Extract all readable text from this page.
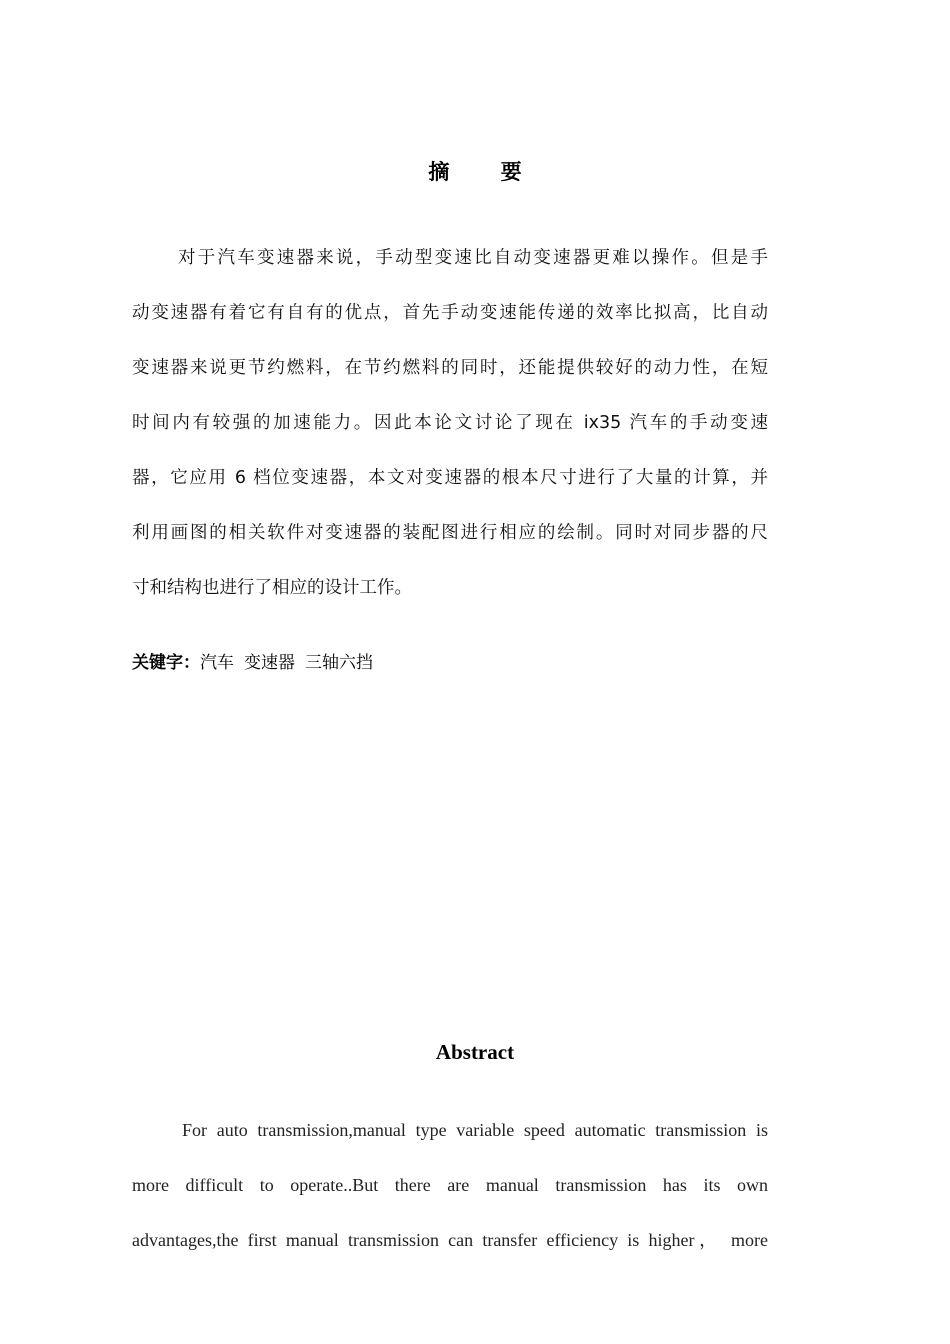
摘 要
对于汽车变速器来说，手动型变速比自动变速器更难以操作。但是手
动变速器有着它有自有的优点，首先手动变速能传递的效率比拟高，比自动
变速器来说更节约燃料，在节约燃料的同时，还能提供较好的动力性，在短
时间内有较强的加速能力。因此本论文讨论了现在 ix35 汽车的手动变速
器，它应用 6 档位变速器，本文对变速器的根本尺寸进行了大量的计算，并
利用画图的相关软件对变速器的装配图进行相应的绘制。同时对同步器的尺
寸和结构也进行了相应的设计工作。
关键字：汽车 变速器 三轴六挡
Abstract
For auto transmission,manual type variable speed automatic transmission is
more difficult to operate..But there are manual transmission has its own
advantages,the first manual transmission can transfer efficiency is higher， more
